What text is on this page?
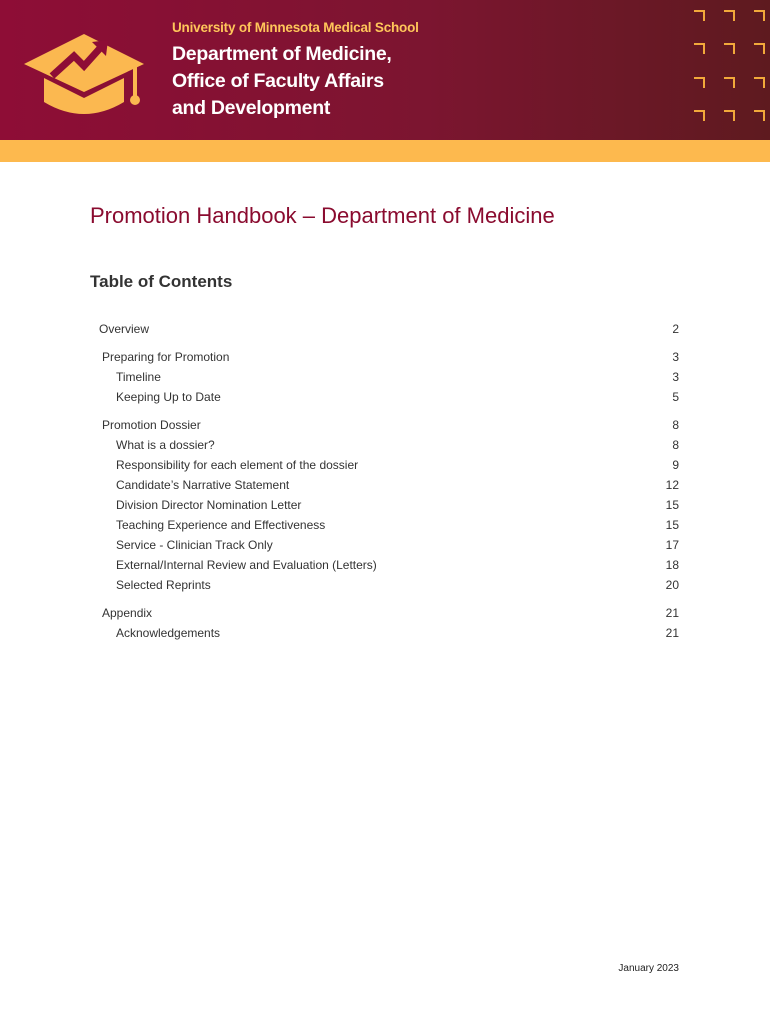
University of Minnesota Medical School
Department of Medicine,
Office of Faculty Affairs
and Development
Promotion Handbook – Department of Medicine
Table of Contents
Overview	2
Preparing for Promotion	3
Timeline	3
Keeping Up to Date	5
Promotion Dossier	8
What is a dossier?	8
Responsibility for each element of the dossier	9
Candidate’s Narrative Statement	12
Division Director Nomination Letter	15
Teaching Experience and Effectiveness	15
Service - Clinician Track Only	17
External/Internal Review and Evaluation (Letters)	18
Selected Reprints	20
Appendix	21
Acknowledgements	21
January 2023
